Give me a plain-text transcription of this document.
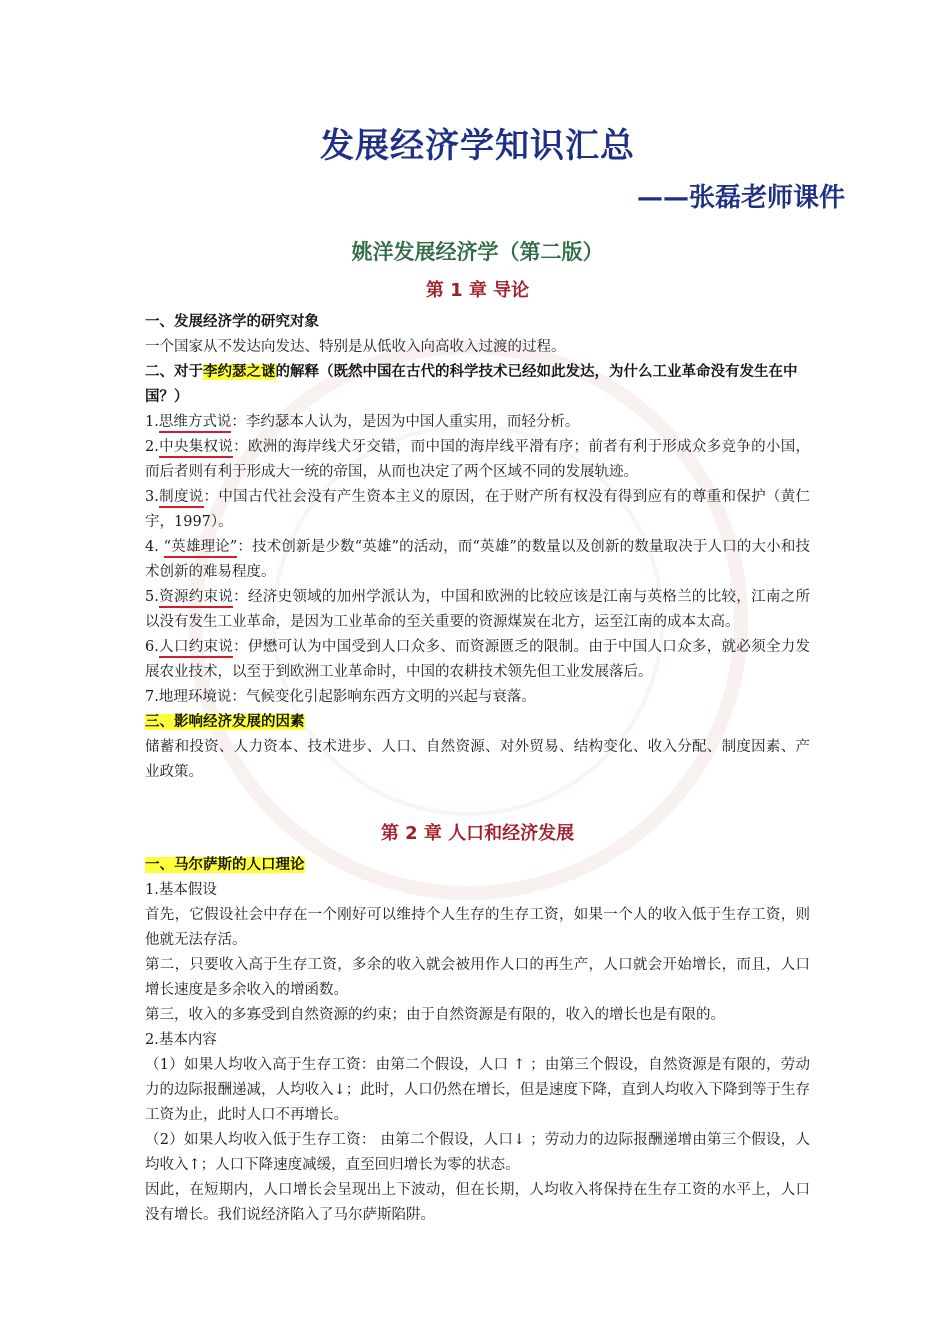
发展经济学知识汇总
——张磊老师课件
姚洋发展经济学（第二版）
第 1 章 导论

一、发展经济学的研究对象

一个国家从不发达向发达、特别是从低收入向高收入过渡的过程。

二、对于李约瑟之谜的解释（既然中国在古代的科学技术已经如此发达，为什么工业革命没有发生在中国？）

1.思维方式说：李约瑟本人认为，是因为中国人重实用，而轻分析。

2.中央集权说：欧洲的海岸线犬牙交错，而中国的海岸线平滑有序；前者有利于形成众多竞争的小国，而后者则有利于形成大一统的帝国，从而也决定了两个区域不同的发展轨迹。

3.制度说：中国古代社会没有产生资本主义的原因，在于财产所有权没有得到应有的尊重和保护（黄仁宇，1997）。

4. “英雄理论”：技术创新是少数“英雄”的活动，而“英雄”的数量以及创新的数量取决于人口的大小和技术创新的难易程度。

5.资源约束说：经济史领域的加州学派认为，中国和欧洲的比较应该是江南与英格兰的比较，江南之所以没有发生工业革命，是因为工业革命的至关重要的资源煤炭在北方，运至江南的成本太高。

6.人口约束说：伊懋可认为中国受到人口众多、而资源匮乏的限制。由于中国人口众多，就必须全力发展农业技术，以至于到欧洲工业革命时，中国的农耕技术领先但工业发展落后。

7.地理环境说：气候变化引起影响东西方文明的兴起与衰落。

三、影响经济发展的因素

储蓄和投资、人力资本、技术进步、人口、自然资源、对外贸易、结构变化、收入分配、制度因素、产业政策。

第 2 章 人口和经济发展

一、马尔萨斯的人口理论

1.基本假设

首先，它假设社会中存在一个刚好可以维持个人生存的生存工资，如果一个人的收入低于生存工资，则他就无法存活。

第二，只要收入高于生存工资，多余的收入就会被用作人口的再生产，人口就会开始增长，而且，人口增长速度是多余收入的增函数。

第三，收入的多寡受到自然资源的约束；由于自然资源是有限的，收入的增长也是有限的。

2.基本内容

（1）如果人均收入高于生存工资：由第二个假设，人口 ↑ ；由第三个假设，自然资源是有限的，劳动力的边际报酬递减，人均收入↓；此时，人口仍然在增长，但是速度下降，直到人均收入下降到等于生存工资为止，此时人口不再增长。

（2）如果人均收入低于生存工资： 由第二个假设，人口↓ ；劳动力的边际报酬递增由第三个假设，人均收入↑；人口下降速度减缓，直至回归增长为零的状态。

因此，在短期内，人口增长会呈现出上下波动，但在长期，人均收入将保持在生存工资的水平上，人口没有增长。我们说经济陷入了马尔萨斯陷阱。
